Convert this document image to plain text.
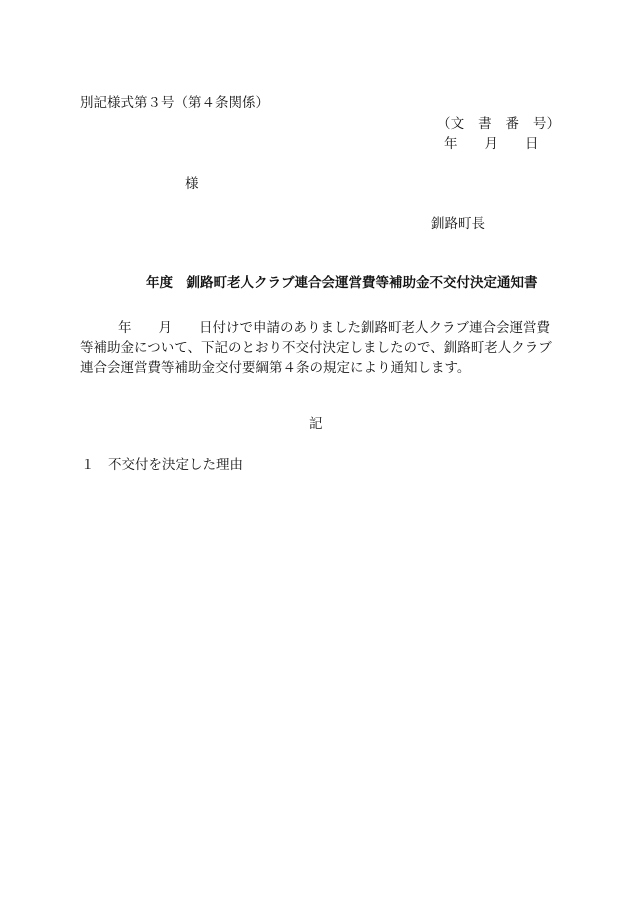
別記様式第３号（第４条関係）
（文　書　番　号）
年　　月　　日
様
釧路町長
年度　釧路町老人クラブ連合会運営費等補助金不交付決定通知書
年　　月　　日付けで申請のありました釧路町老人クラブ連合会運営費等補助金について、下記のとおり不交付決定しましたので、釧路町老人クラブ連合会運営費等補助金交付要綱第４条の規定により通知します。
記
１　不交付を決定した理由
